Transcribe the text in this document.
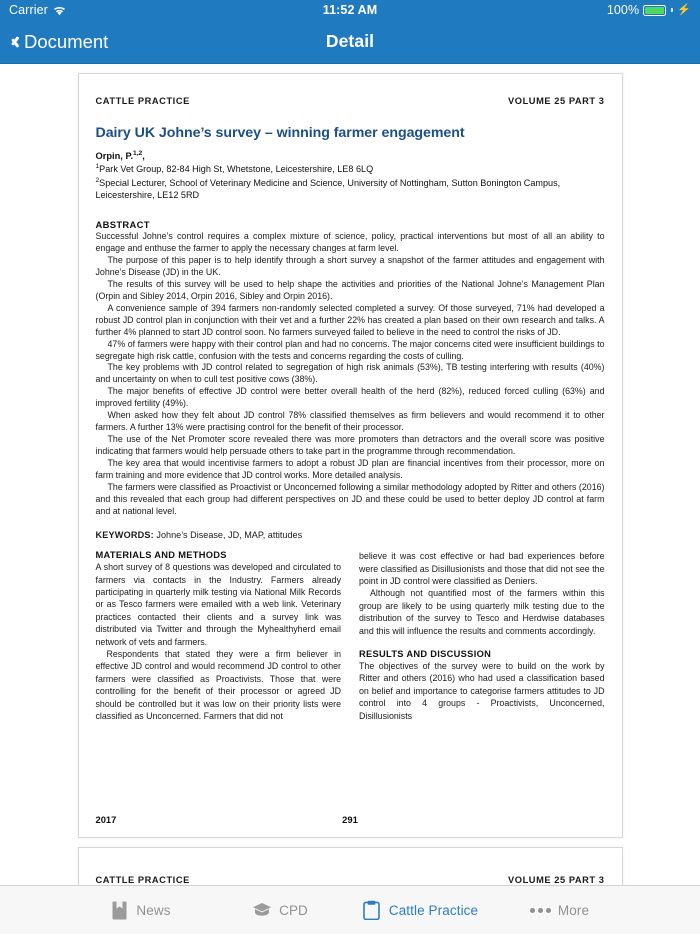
Carrier	11:52 AM	100%	⚡
Document	Detail
CATTLE PRACTICE	VOLUME 25 PART 3
Dairy UK Johne’s survey – winning farmer engagement
Orpin, P.$^{1,2}$,
$^1$Park Vet Group, 82-84 High St, Whetstone, Leicestershire, LE8 6LQ
$^2$Special Lecturer, School of Veterinary Medicine and Science, University of Nottingham, Sutton Bonington Campus, Leicestershire, LE12 5RD
ABSTRACT

Successful Johne’s control requires a complex mixture of science, policy, practical interventions but most of all an ability to engage and enthuse the farmer to apply the necessary changes at farm level.

The purpose of this paper is to help identify through a short survey a snapshot of the farmer attitudes and engagement with Johne’s Disease (JD) in the UK.

The results of this survey will be used to help shape the activities and priorities of the National Johne’s Management Plan (Orpin and Sibley 2014, Orpin 2016, Sibley and Orpin 2016).

A convenience sample of 394 farmers non-randomly selected completed a survey. Of those surveyed, 71% had developed a robust JD control plan in conjunction with their vet and a further 22% has created a plan based on their own research and talks. A further 4% planned to start JD control soon. No farmers surveyed failed to believe in the need to control the risks of JD.

47% of farmers were happy with their control plan and had no concerns. The major concerns cited were insufficient buildings to segregate high risk cattle, confusion with the tests and concerns regarding the costs of culling.

The key problems with JD control related to segregation of high risk animals (53%), TB testing interfering with results (40%) and uncertainty on when to cull test positive cows (38%).

The major benefits of effective JD control were better overall health of the herd (82%), reduced forced culling (63%) and improved fertility (49%).

When asked how they felt about JD control 78% classified themselves as firm believers and would recommend it to other farmers. A further 13% were practising control for the benefit of their processor.

The use of the Net Promoter score revealed there was more promoters than detractors and the overall score was positive indicating that farmers would help persuade others to take part in the programme through recommendation.

The key area that would incentivise farmers to adopt a robust JD plan are financial incentives from their processor, more on farm training and more evidence that JD control works. More detailed analysis.

The farmers were classified as Proactivist or Unconcerned following a similar methodology adopted by Ritter and others (2016) and this revealed that each group had different perspectives on JD and these could be used to better deploy JD control at farm and at national level.

KEYWORDS: Johne’s Disease, JD, MAP, attitudes
MATERIALS AND METHODS

A short survey of 8 questions was developed and circulated to farmers via contacts in the Industry. Farmers already participating in quarterly milk testing via National Milk Records or as Tesco farmers were emailed with a web link. Veterinary practices contacted their clients and a survey link was distributed via Twitter and through the Myhealthyherd email network of vets and farmers.

Respondents that stated they were a firm believer in effective JD control and would recommend JD control to other farmers were classified as Proactivists. Those that were controlling for the benefit of their processor or agreed JD should be controlled but it was low on their priority lists were classified as Unconcerned. Farmers that did not

believe it was cost effective or had bad experiences before were classified as Disillusionists and those that did not see the point in JD control were classified as Deniers.

Although not quantified most of the farmers within this group are likely to be using quarterly milk testing due to the distribution of the survey to Tesco and Herdwise databases and this will influence the results and comments accordingly.

RESULTS AND DISCUSSION

The objectives of the survey were to build on the work by Ritter and others (2016) who had used a classification based on belief and importance to categorise farmers attitudes to JD control into 4 groups - Proactivists, Unconcerned, Disillusionists

2017	291
CATTLE PRACTICE	VOLUME 25 PART 3
News	CPD	Cattle Practice	More
